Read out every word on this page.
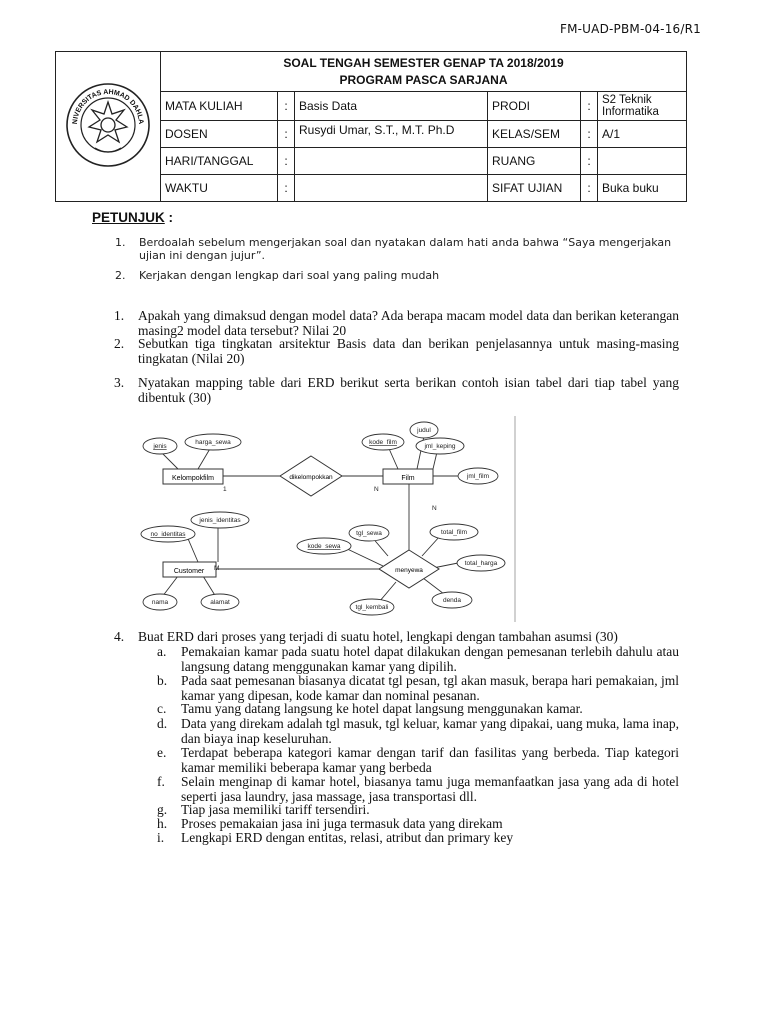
FM-UAD-PBM-04-16/R1
NIVERSITAS AHMAD DAHLA	SOAL TENGAH SEMESTER GENAP TA 2018/2019
PROGRAM PASCA SARJANA					

	MATA KULIAH	:	Basis Data	PRODI	:	S2 Teknik
Informatika

	DOSEN	:	Rusydi Umar, S.T., M.T. Ph.D	KELAS/SEM	:	A/1
	HARI/TANGGAL	:		RUANG	:	
	WAKTU	:		SIFAT UJIAN	:	Buka buku
PETUNJUK :
1. Berdoalah sebelum mengerjakan soal dan nyatakan dalam hati anda bahwa “Saya mengerjakan ujian ini dengan jujur”.
2. Kerjakan dengan lengkap dari soal yang paling mudah
1. Apakah yang dimaksud dengan model data? Ada berapa macam model data dan berikan keterangan masing2 model data tersebut? Nilai 20
2. Sebutkan tiga tingkatan arsitektur Basis data dan berikan penjelasannya untuk masing-masing tingkatan (Nilai 20)
3. Nyatakan mapping table dari ERD berikut serta berikan contoh isian tabel dari tiap tabel yang dibentuk (30)
Kelompokfilm	Film
Customer
dikelompokkan
menyewa
jenis
harga_sewa	kode_film
judul
jml_keping
jml_film
jenis_identitas
no_identitas
nama	alamat
tgl_sewa
kode_sewa
total_film
total_harga
denda
tgl_kembali
1	N
N
M
4. Buat ERD dari proses yang terjadi di suatu hotel, lengkapi dengan tambahan asumsi (30)
a. Pemakaian kamar pada suatu hotel dapat dilakukan dengan pemesanan terlebih dahulu atau langsung datang menggunakan kamar yang dipilih.
b. Pada saat pemesanan biasanya dicatat tgl pesan, tgl akan masuk, berapa hari pemakaian, jml kamar yang dipesan, kode kamar dan nominal pesanan.
c. Tamu yang datang langsung ke hotel dapat langsung menggunakan kamar.
d. Data yang direkam adalah tgl masuk, tgl keluar, kamar yang dipakai, uang muka, lama inap, dan biaya inap keseluruhan.
e. Terdapat beberapa kategori kamar dengan tarif dan fasilitas yang berbeda. Tiap kategori kamar memiliki beberapa kamar yang berbeda
f. Selain menginap di kamar hotel, biasanya tamu juga memanfaatkan jasa yang ada di hotel seperti jasa laundry, jasa massage, jasa transportasi dll.
g. Tiap jasa memiliki tariff tersendiri.
h. Proses pemakaian jasa ini juga termasuk data yang direkam
i. Lengkapi ERD dengan entitas, relasi, atribut dan primary key
